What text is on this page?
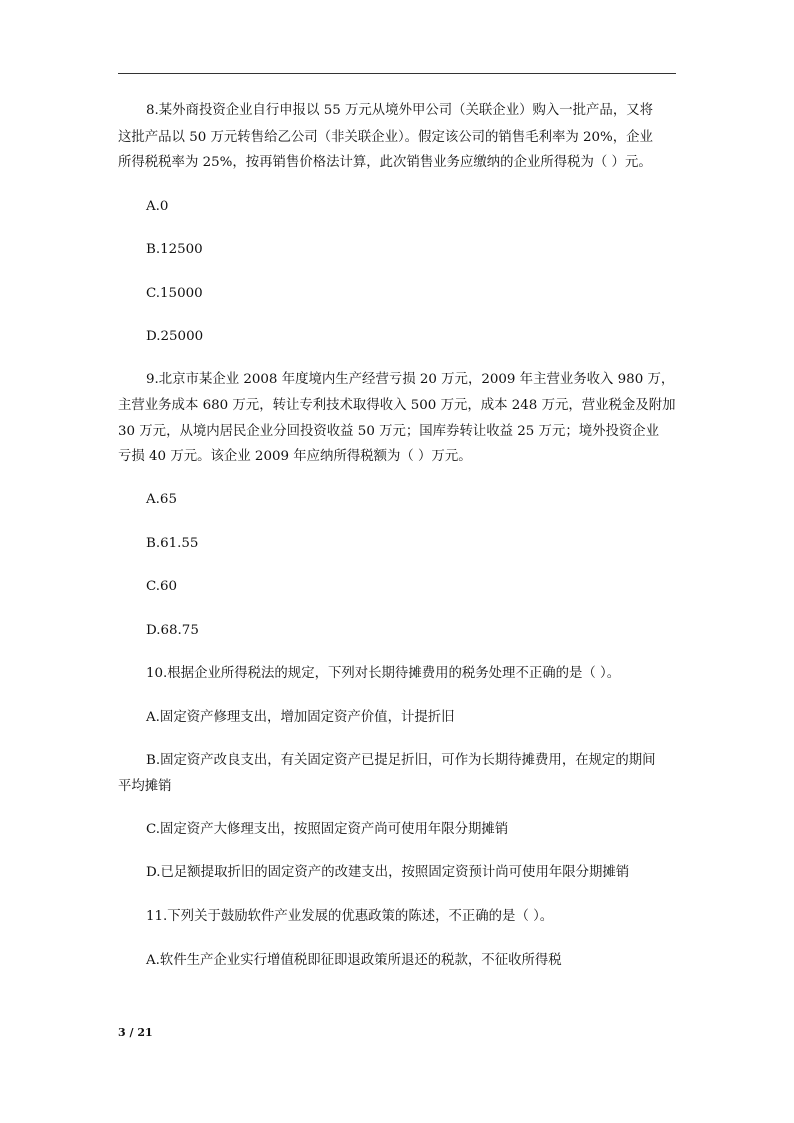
8.某外商投资企业自行申报以 55 万元从境外甲公司（关联企业）购入一批产品，又将

这批产品以 50 万元转售给乙公司（非关联企业）。假定该公司的销售毛利率为 20%，企业

所得税税率为 25%，按再销售价格法计算，此次销售业务应缴纳的企业所得税为（ ）元。

A.0

B.12500

C.15000

D.25000

9.北京市某企业 2008 年度境内生产经营亏损 20 万元，2009 年主营业务收入 980 万，

主营业务成本 680 万元，转让专利技术取得收入 500 万元，成本 248 万元，营业税金及附加

30 万元，从境内居民企业分回投资收益 50 万元；国库券转让收益 25 万元；境外投资企业

亏损 40 万元。该企业 2009 年应纳所得税额为（ ）万元。

A.65

B.61.55

C.60

D.68.75

10.根据企业所得税法的规定，下列对长期待摊费用的税务处理不正确的是（ ）。

A.固定资产修理支出，增加固定资产价值，计提折旧

B.固定资产改良支出，有关固定资产已提足折旧，可作为长期待摊费用，在规定的期间

平均摊销

C.固定资产大修理支出，按照固定资产尚可使用年限分期摊销

D.已足额提取折旧的固定资产的改建支出，按照固定资预计尚可使用年限分期摊销

11.下列关于鼓励软件产业发展的优惠政策的陈述，不正确的是（ ）。

A.软件生产企业实行增值税即征即退政策所退还的税款，不征收所得税

3 / 21
